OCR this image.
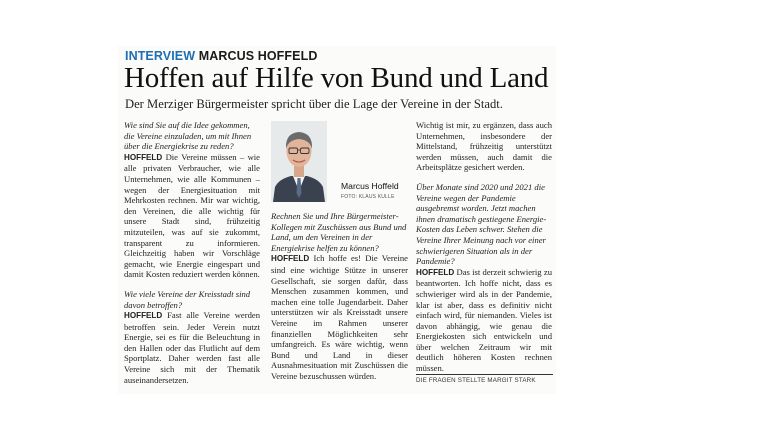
INTERVIEW MARCUS HOFFELD
Hoffen auf Hilfe von Bund und Land
Der Merziger Bürgermeister spricht über die Lage der Vereine in der Stadt.

Wie sind Sie auf die Idee gekommen, die Vereine einzuladen, um mit Ihnen über die Energiekrise zu reden?

HOFFELD Die Vereine müssen – wie alle privaten Verbraucher, wie alle Unternehmen, wie alle Kommunen – wegen der Energiesituation mit Mehrkosten rechnen. Mir war wichtig, den Vereinen, die alle wichtig für unsere Stadt sind, frühzeitig mitzuteilen, was auf sie zukommt, transparent zu informieren. Gleichzeitig haben wir Vorschläge gemacht, wie Energie eingespart und damit Kosten reduziert werden können.

Wie viele Vereine der Kreisstadt sind davon betroffen?

HOFFELD Fast alle Vereine werden betroffen sein. Jeder Verein nutzt Energie, sei es für die Beleuchtung in den Hallen oder das Flutlicht auf dem Sportplatz. Daher werden fast alle Vereine sich mit der Thematik auseinandersetzen.

Marcus Hoffeld
FOTO: KLAUS KULLE

Rechnen Sie und Ihre Bürgermeister-Kollegen mit Zuschüssen aus Bund und Land, um den Vereinen in der Energiekrise helfen zu können?

HOFFELD Ich hoffe es! Die Vereine sind eine wichtige Stütze in unserer Gesellschaft, sie sorgen dafür, dass Menschen zusammen kommen, und machen eine tolle Jugendarbeit. Daher unterstützen wir als Kreisstadt unsere Vereine im Rahmen unserer finanziellen Möglichkeiten sehr umfangreich. Es wäre wichtig, wenn Bund und Land in dieser Ausnahmesituation mit Zuschüssen die Vereine bezuschussen würden.

Wichtig ist mir, zu ergänzen, dass auch Unternehmen, insbesondere der Mittelstand, frühzeitig unterstützt werden müssen, auch damit die Arbeitsplätze gesichert werden.

Über Monate sind 2020 und 2021 die Vereine wegen der Pandemie ausgebremst worden. Jetzt machen ihnen dramatisch gestiegene Energie-Kosten das Leben schwer. Stehen die Vereine Ihrer Meinung nach vor einer schwierigeren Situation als in der Pandemie?

HOFFELD Das ist derzeit schwierig zu beantworten. Ich hoffe nicht, dass es schwieriger wird als in der Pandemie, klar ist aber, dass es definitiv nicht einfach wird, für niemanden. Vieles ist davon abhängig, wie genau die Energiekosten sich entwickeln und über welchen Zeitraum wir mit deutlich höheren Kosten rechnen müssen.

DIE FRAGEN STELLTE MARGIT STARK
